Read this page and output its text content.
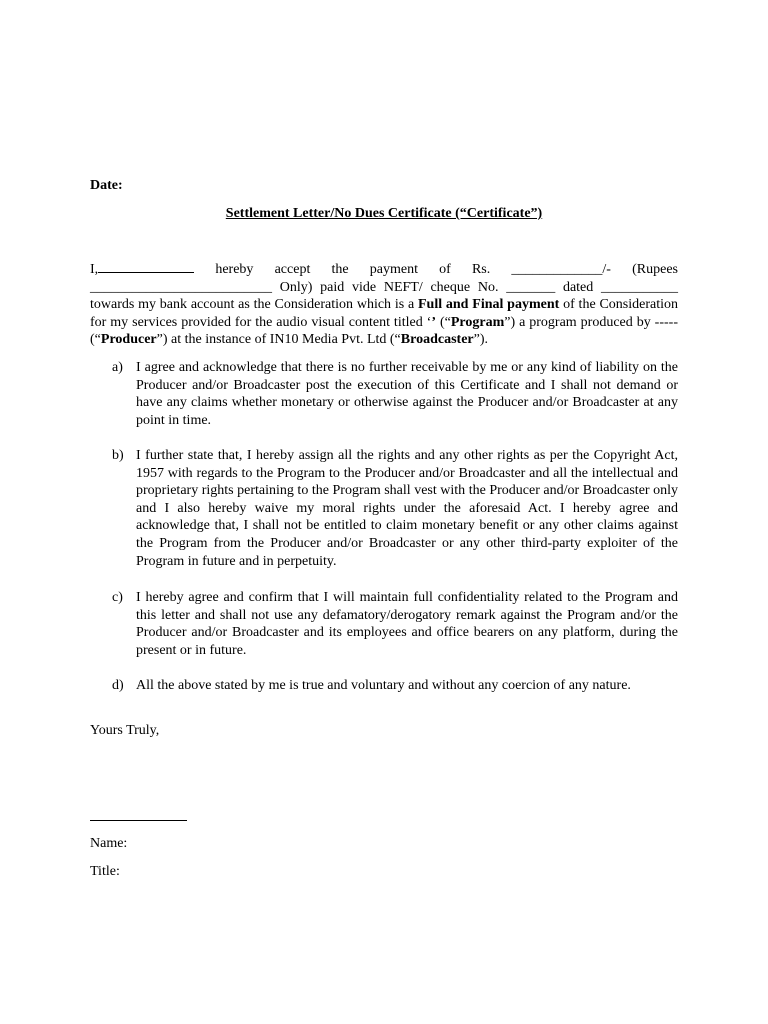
Date:
Settlement Letter/No Dues Certificate (“Certificate”)
I,	hereby accept the payment of Rs. _____________/- (Rupees __________________________ Only) paid vide NEFT/ cheque No. _______ dated ___________ towards my bank account as the Consideration which is a Full and Final payment of the Consideration for my services provided for the audio visual content titled ‘’ (“Program”) a program produced by ----- (“Producer”) at the instance of IN10 Media Pvt. Ltd (“Broadcaster”).
a) I agree and acknowledge that there is no further receivable by me or any kind of liability on the Producer and/or Broadcaster post the execution of this Certificate and I shall not demand or have any claims whether monetary or otherwise against the Producer and/or Broadcaster at any point in time.
b) I further state that, I hereby assign all the rights and any other rights as per the Copyright Act, 1957 with regards to the Program to the Producer and/or Broadcaster and all the intellectual and proprietary rights pertaining to the Program shall vest with the Producer and/or Broadcaster only and I also hereby waive my moral rights under the aforesaid Act. I hereby agree and acknowledge that, I shall not be entitled to claim monetary benefit or any other claims against the Program from the Producer and/or Broadcaster or any other third-party exploiter of the Program in future and in perpetuity.
c) I hereby agree and confirm that I will maintain full confidentiality related to the Program and this letter and shall not use any defamatory/derogatory remark against the Program and/or the Producer and/or Broadcaster and its employees and office bearers on any platform, during the present or in future.
d) All the above stated by me is true and voluntary and without any coercion of any nature.
Yours Truly,
Name:
Title:
